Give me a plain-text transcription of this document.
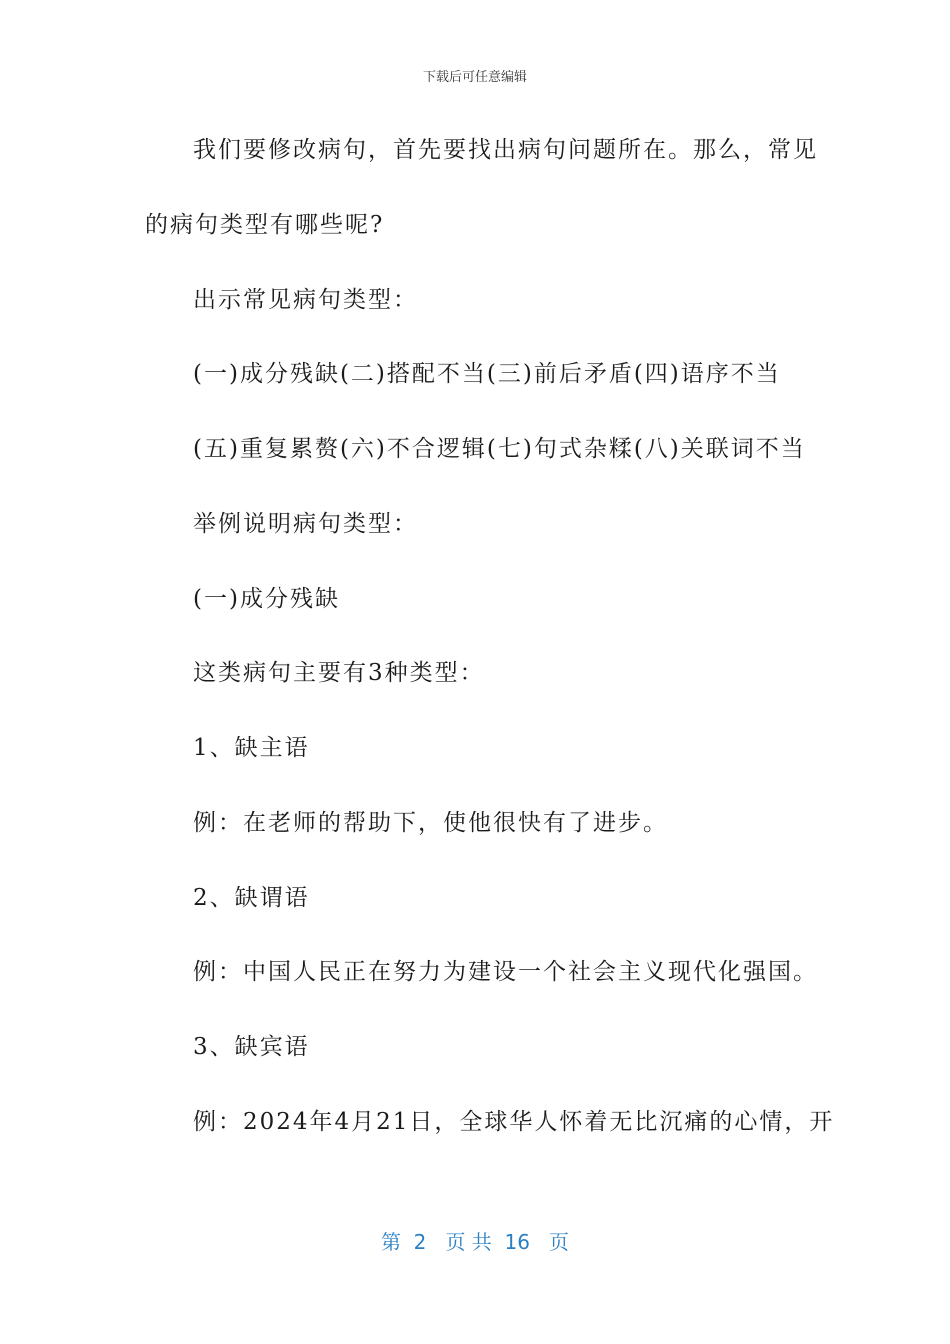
下载后可任意编辑
我们要修改病句，首先要找出病句问题所在。那么，常见
的病句类型有哪些呢?
出示常见病句类型：
(一)成分残缺(二)搭配不当(三)前后矛盾(四)语序不当
(五)重复累赘(六)不合逻辑(七)句式杂糅(八)关联词不当
举例说明病句类型：
(一)成分残缺
这类病句主要有3种类型：
1、缺主语
例：在老师的帮助下，使他很快有了进步。
2、缺谓语
例：中国人民正在努力为建设一个社会主义现代化强国。
3、缺宾语
例：2024年4月21日，全球华人怀着无比沉痛的心情，开
第  2   页 共  16   页
